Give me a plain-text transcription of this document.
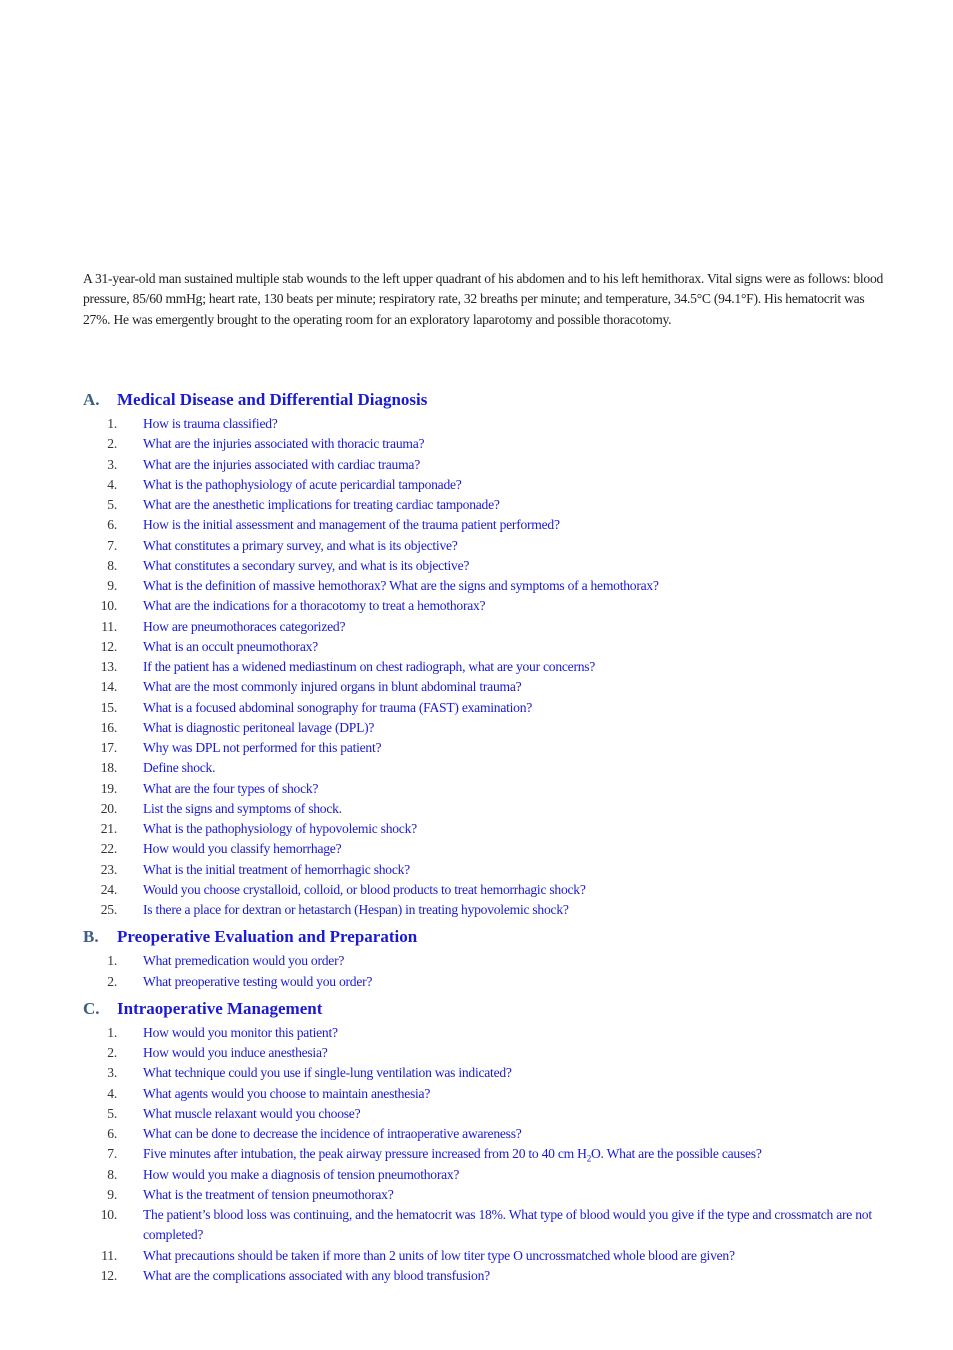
A 31-year-old man sustained multiple stab wounds to the left upper quadrant of his abdomen and to his left hemithorax. Vital signs were as follows: blood pressure, 85/60 mmHg; heart rate, 130 beats per minute; respiratory rate, 32 breaths per minute; and temperature, 34.5°C (94.1°F). His hematocrit was 27%. He was emergently brought to the operating room for an exploratory laparotomy and possible thoracotomy.

A. Medical Disease and Differential Diagnosis
1.	How is trauma classified?
2.	What are the injuries associated with thoracic trauma?
3.	What are the injuries associated with cardiac trauma?
4.	What is the pathophysiology of acute pericardial tamponade?
5.	What are the anesthetic implications for treating cardiac tamponade?
6.	How is the initial assessment and management of the trauma patient performed?
7.	What constitutes a primary survey, and what is its objective?
8.	What constitutes a secondary survey, and what is its objective?
9.	What is the definition of massive hemothorax? What are the signs and symptoms of a hemothorax?
10.	What are the indications for a thoracotomy to treat a hemothorax?
11.	How are pneumothoraces categorized?
12.	What is an occult pneumothorax?
13.	If the patient has a widened mediastinum on chest radiograph, what are your concerns?
14.	What are the most commonly injured organs in blunt abdominal trauma?
15.	What is a focused abdominal sonography for trauma (FAST) examination?
16.	What is diagnostic peritoneal lavage (DPL)?
17.	Why was DPL not performed for this patient?
18.	Define shock.
19.	What are the four types of shock?
20.	List the signs and symptoms of shock.
21.	What is the pathophysiology of hypovolemic shock?
22.	How would you classify hemorrhage?
23.	What is the initial treatment of hemorrhagic shock?
24.	Would you choose crystalloid, colloid, or blood products to treat hemorrhagic shock?
25.	Is there a place for dextran or hetastarch (Hespan) in treating hypovolemic shock?
B. Preoperative Evaluation and Preparation
1.	What premedication would you order?
2.	What preoperative testing would you order?
C. Intraoperative Management
1.	How would you monitor this patient?
2.	How would you induce anesthesia?
3.	What technique could you use if single-lung ventilation was indicated?
4.	What agents would you choose to maintain anesthesia?
5.	What muscle relaxant would you choose?
6.	What can be done to decrease the incidence of intraoperative awareness?
7.	Five minutes after intubation, the peak airway pressure increased from 20 to 40 cm $H_2O$. What are the possible causes?
8.	How would you make a diagnosis of tension pneumothorax?
9.	What is the treatment of tension pneumothorax?
10.	The patient’s blood loss was continuing, and the hematocrit was 18%. What type of blood would you give if the type and crossmatch are not completed?
11.	What precautions should be taken if more than 2 units of low titer type O uncrossmatched whole blood are given?
12.	What are the complications associated with any blood transfusion?
